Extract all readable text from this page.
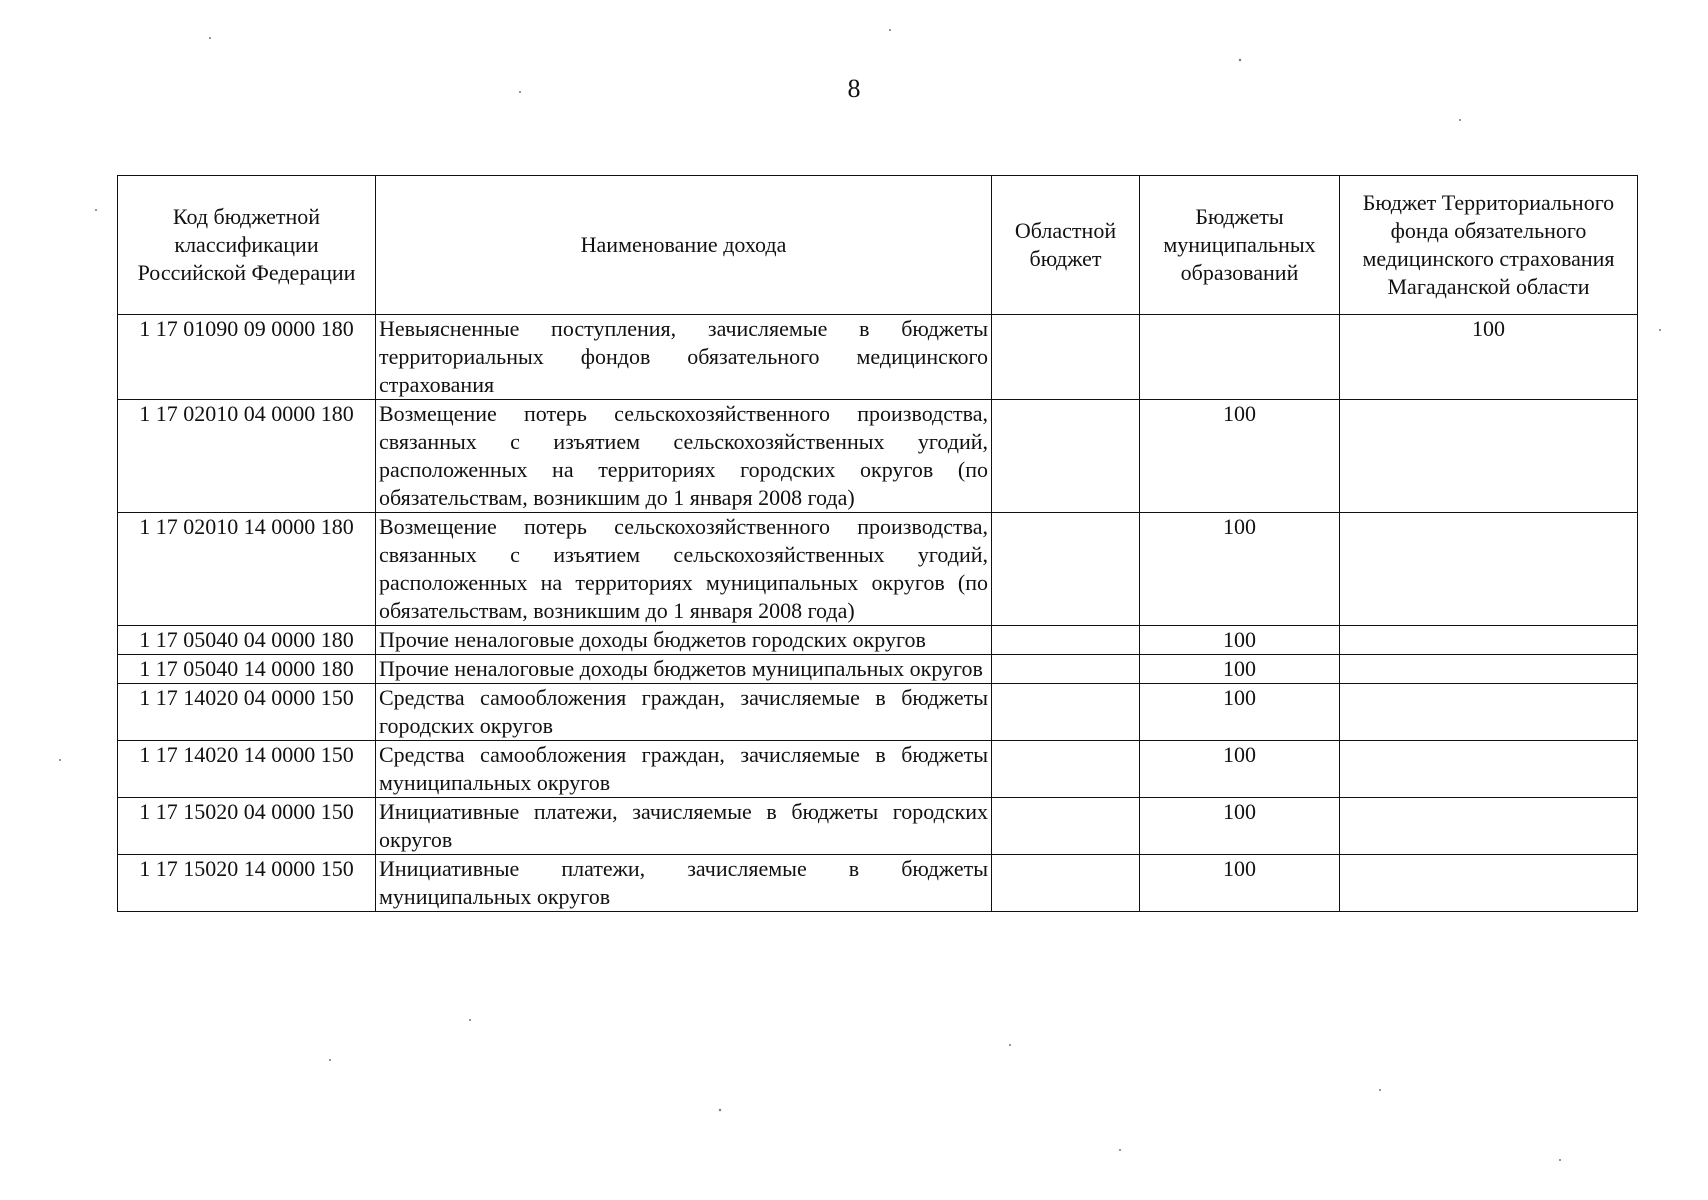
8
Код бюджетной классификации Российской Федерации	Наименование дохода	Областной бюджет	Бюджеты муниципальных образований	Бюджет Территориального фонда обязательного медицинского страхования Магаданской области
1 17 01090 09 0000 180	Невыясненные поступления, зачисляемые в бюджеты территориальных фондов обязательного медицинского страхования			100
1 17 02010 04 0000 180	Возмещение потерь сельскохозяйственного производства, связанных с изъятием сельскохозяйственных угодий, расположенных на территориях городских округов (по обязательствам, возникшим до 1 января 2008 года)		100	
1 17 02010 14 0000 180	Возмещение потерь сельскохозяйственного производства, связанных с изъятием сельскохозяйственных угодий, расположенных на территориях муниципальных округов (по обязательствам, возникшим до 1 января 2008 года)		100	
1 17 05040 04 0000 180	Прочие неналоговые доходы бюджетов городских округов		100	
1 17 05040 14 0000 180	Прочие неналоговые доходы бюджетов муниципальных округов		100	
1 17 14020 04 0000 150	Средства самообложения граждан, зачисляемые в бюджеты городских округов		100	
1 17 14020 14 0000 150	Средства самообложения граждан, зачисляемые в бюджеты муниципальных округов		100	
1 17 15020 04 0000 150	Инициативные платежи, зачисляемые в бюджеты городских округов		100	
1 17 15020 14 0000 150	Инициативные платежи, зачисляемые в бюджеты муниципальных округов		100	
